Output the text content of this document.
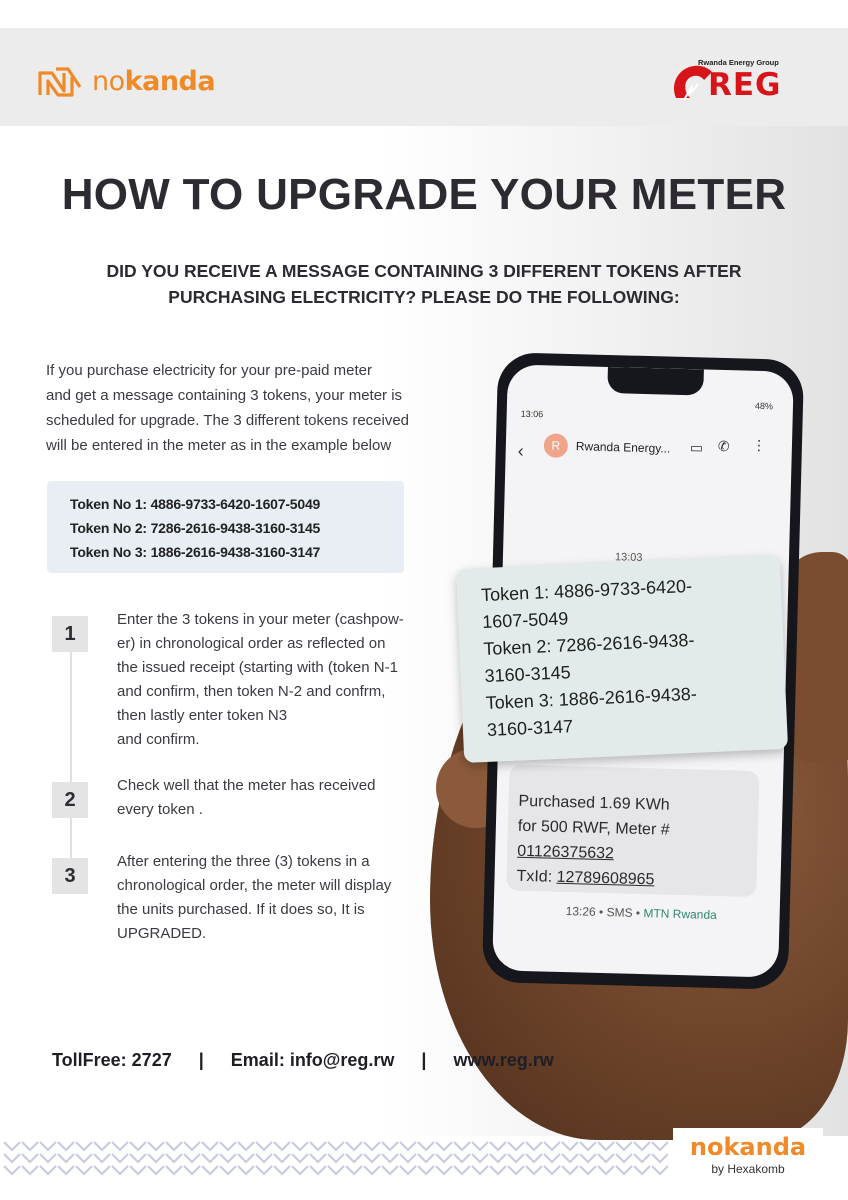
nokanda
Rwanda Energy Group
REG
HOW TO UPGRADE YOUR METER
DID YOU RECEIVE A MESSAGE CONTAINING 3 DIFFERENT TOKENS AFTER
PURCHASING ELECTRICITY? PLEASE DO THE FOLLOWING:
If you purchase electricity for your pre-paid meter
and get a message containing 3 tokens, your meter is
scheduled for upgrade. The 3 different tokens received
will be entered in the meter as in the example below
Token No 1: 4886-9733-6420-1607-5049
Token No 2: 7286-2616-9438-3160-3145
Token No 3: 1886-2616-9438-3160-3147
1
Enter the 3 tokens in your meter (cashpow-
er) in chronological order as reflected on
the issued receipt (starting with (token N-1
and confirm, then token N-2 and confrm,
then lastly enter token N3
and confirm.
2
Check well that the meter has received
every token .
3
After entering the three (3) tokens in a
chronological order, the meter will display
the units purchased. If it does so, It is
UPGRADED.
13:06
48%
‹	R	Rwanda Energy... ▭ ✆ ⋮
13:03
Purchased 1.69 KWh
for 500 RWF, Meter #
01126375632
TxId: 12789608965
13:26 • SMS • MTN Rwanda
Token 1: 4886-9733-6420-
1607-5049
Token 2: 7286-2616-9438-
3160-3145
Token 3: 1886-2616-9438-
3160-3147
TollFree: 2727 | Email: info@reg.rw | www.reg.rw
nokanda
by Hexakomb
